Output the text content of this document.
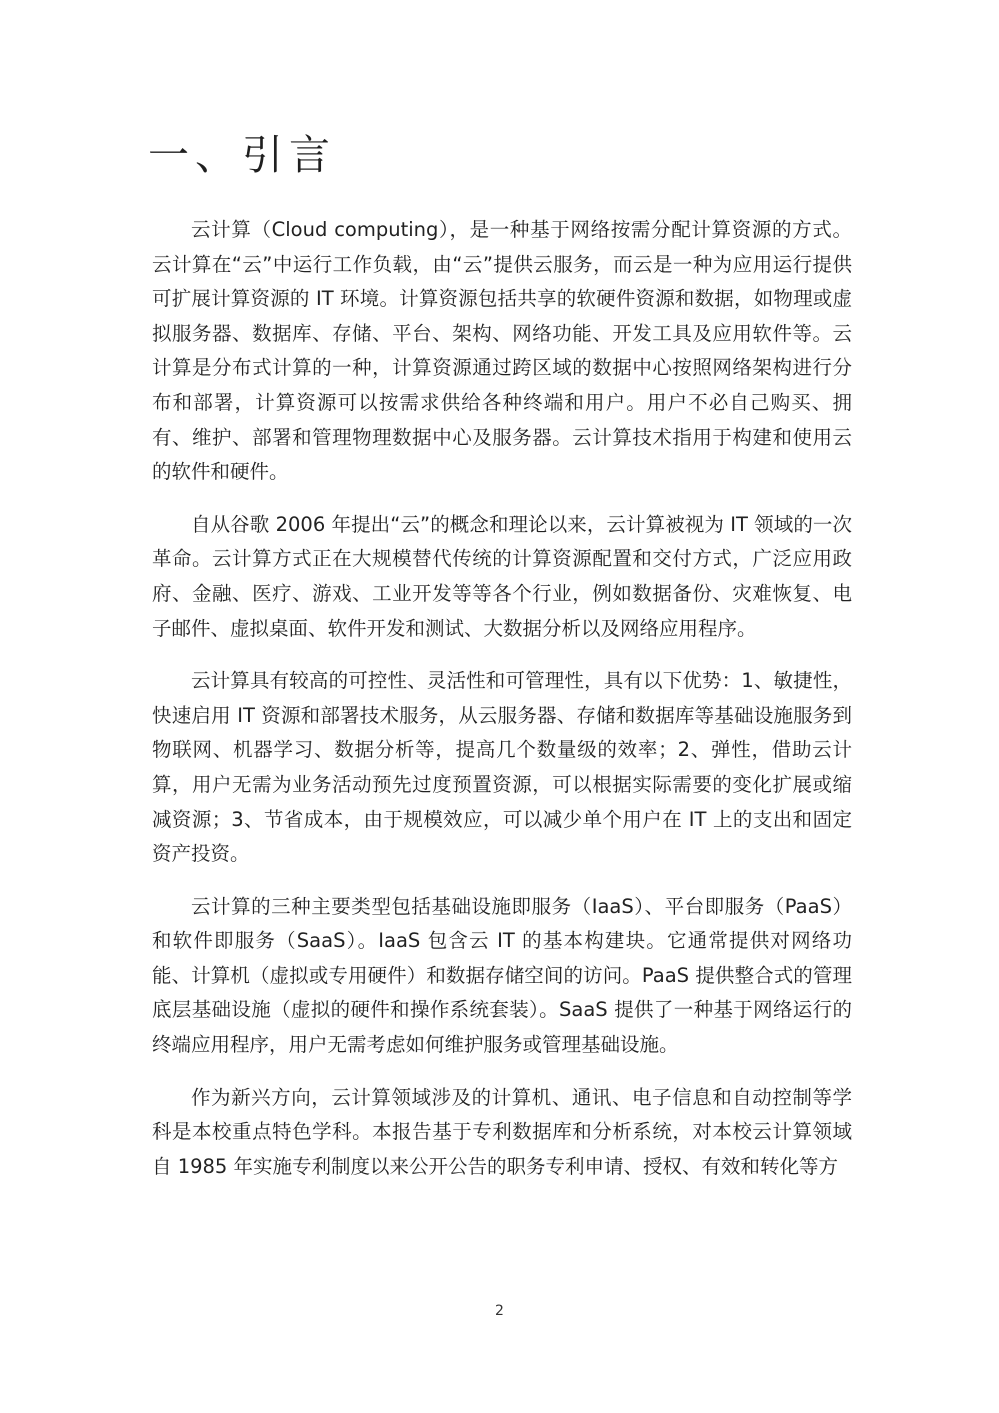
一、引言

云计算（Cloud computing），是一种基于网络按需分配计算资源的方式。云计算在“云”中运行工作负载，由“云”提供云服务，而云是一种为应用运行提供可扩展计算资源的 IT 环境。计算资源包括共享的软硬件资源和数据，如物理或虚拟服务器、数据库、存储、平台、架构、网络功能、开发工具及应用软件等。云计算是分布式计算的一种，计算资源通过跨区域的数据中心按照网络架构进行分布和部署，计算资源可以按需求供给各种终端和用户。用户不必自己购买、拥有、维护、部署和管理物理数据中心及服务器。云计算技术指用于构建和使用云的软件和硬件。

自从谷歌 2006 年提出“云”的概念和理论以来，云计算被视为 IT 领域的一次革命。云计算方式正在大规模替代传统的计算资源配置和交付方式，广泛应用政府、金融、医疗、游戏、工业开发等等各个行业，例如数据备份、灾难恢复、电子邮件、虚拟桌面、软件开发和测试、大数据分析以及网络应用程序。

云计算具有较高的可控性、灵活性和可管理性，具有以下优势：1、敏捷性，快速启用 IT 资源和部署技术服务，从云服务器、存储和数据库等基础设施服务到物联网、机器学习、数据分析等，提高几个数量级的效率；2、弹性，借助云计算，用户无需为业务活动预先过度预置资源，可以根据实际需要的变化扩展或缩减资源；3、节省成本，由于规模效应，可以减少单个用户在 IT 上的支出和固定资产投资。

云计算的三种主要类型包括基础设施即服务（IaaS）、平台即服务（PaaS）和软件即服务（SaaS）。IaaS 包含云 IT 的基本构建块。它通常提供对网络功能、计算机（虚拟或专用硬件）和数据存储空间的访问。PaaS 提供整合式的管理底层基础设施（虚拟的硬件和操作系统套装）。SaaS 提供了一种基于网络运行的终端应用程序，用户无需考虑如何维护服务或管理基础设施。

作为新兴方向，云计算领域涉及的计算机、通讯、电子信息和自动控制等学科是本校重点特色学科。本报告基于专利数据库和分析系统，对本校云计算领域自 1985 年实施专利制度以来公开公告的职务专利申请、授权、有效和转化等方

2
